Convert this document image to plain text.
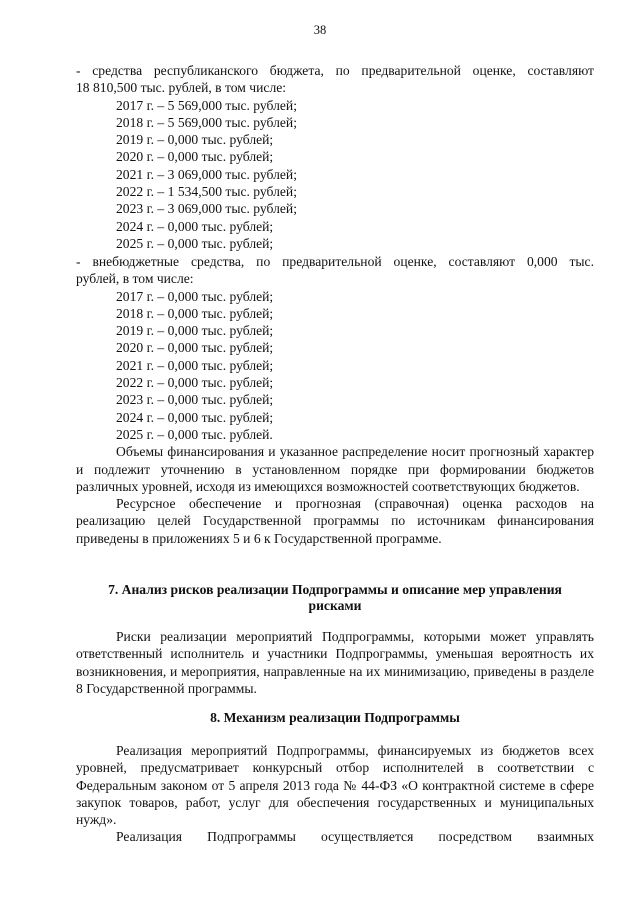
38

- средства республиканского бюджета, по предварительной оценке, составляют

18 810,500 тыс. рублей, в том числе:

2017 г. – 5 569,000 тыс. рублей;

2018 г. – 5 569,000 тыс. рублей;

2019 г. – 0,000 тыс. рублей;

2020 г. – 0,000 тыс. рублей;

2021 г. – 3 069,000 тыс. рублей;

2022 г. – 1 534,500 тыс. рублей;

2023 г. – 3 069,000 тыс. рублей;

2024 г. – 0,000 тыс. рублей;

2025 г. – 0,000 тыс. рублей;

- внебюджетные средства, по предварительной оценке, составляют 0,000 тыс.

рублей, в том числе:

2017 г. – 0,000 тыс. рублей;

2018 г. – 0,000 тыс. рублей;

2019 г. – 0,000 тыс. рублей;

2020 г. – 0,000 тыс. рублей;

2021 г. – 0,000 тыс. рублей;

2022 г. – 0,000 тыс. рублей;

2023 г. – 0,000 тыс. рублей;

2024 г. – 0,000 тыс. рублей;

2025 г. – 0,000 тыс. рублей.

Объемы финансирования и указанное распределение носит прогнозный характер и подлежит уточнению в установленном порядке при формировании бюджетов различных уровней, исходя из имеющихся возможностей соответствующих бюджетов.

Ресурсное обеспечение и прогнозная (справочная) оценка расходов на реализацию целей Государственной программы по источникам финансирования приведены в приложениях 5 и 6 к Государственной программе.

7. Анализ рисков реализации Подпрограммы и описание мер управления
рисками

Риски реализации мероприятий Подпрограммы, которыми может управлять ответственный исполнитель и участники Подпрограммы, уменьшая вероятность их возникновения, и мероприятия, направленные на их минимизацию, приведены в разделе 8 Государственной программы.

8. Механизм реализации Подпрограммы

Реализация мероприятий Подпрограммы, финансируемых из бюджетов всех уровней, предусматривает конкурсный отбор исполнителей в соответствии с Федеральным законом от 5 апреля 2013 года № 44-ФЗ «О контрактной системе в сфере закупок товаров, работ, услуг для обеспечения государственных и муниципальных нужд».

Реализация Подпрограммы осуществляется посредством взаимных
